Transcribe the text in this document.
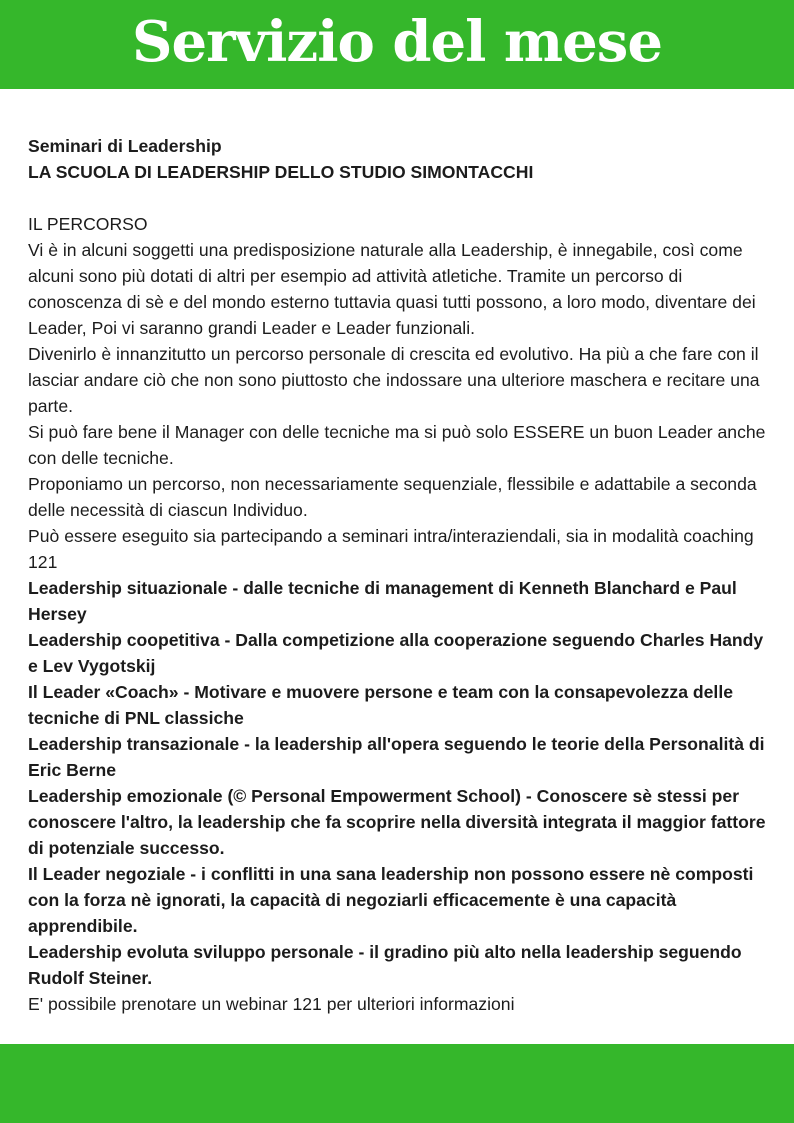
Servizio del mese

Seminari di Leadership

LA SCUOLA DI LEADERSHIP DELLO STUDIO SIMONTACCHI

IL PERCORSO

Vi è in alcuni soggetti una predisposizione naturale alla Leadership, è innegabile, così come alcuni sono più dotati di altri per esempio ad attività atletiche. Tramite un percorso di conoscenza di sè e del mondo esterno tuttavia quasi tutti possono, a loro modo, diventare dei Leader, Poi vi saranno grandi Leader e Leader funzionali.

Divenirlo è innanzitutto un percorso personale di crescita ed evolutivo. Ha più a che fare con il lasciar andare ciò che non sono piuttosto che indossare una ulteriore maschera e recitare una parte.

Si può fare bene il Manager con delle tecniche ma si può solo ESSERE un buon Leader anche con delle tecniche.

Proponiamo un percorso, non necessariamente sequenziale, flessibile e adattabile a seconda delle necessità di ciascun Individuo.

Può essere eseguito sia partecipando a seminari intra/interaziendali, sia in modalità coaching 121

Leadership situazionale - dalle tecniche di management di Kenneth Blanchard e Paul Hersey

Leadership coopetitiva - Dalla competizione alla cooperazione seguendo Charles Handy e Lev Vygotskij

Il Leader «Coach» - Motivare e muovere persone e team con la consapevolezza delle tecniche di PNL classiche

Leadership transazionale - la leadership all'opera seguendo le teorie della Personalità di Eric Berne

Leadership emozionale (© Personal Empowerment School) - Conoscere sè stessi per conoscere l'altro, la leadership che fa scoprire nella diversità integrata il maggior fattore di potenziale successo.

Il Leader negoziale - i conflitti in una sana leadership non possono essere nè composti con la forza nè ignorati, la capacità di negoziarli efficacemente è una capacità apprendibile.

Leadership evoluta sviluppo personale - il gradino più alto nella leadership seguendo Rudolf Steiner.

E' possibile prenotare un webinar 121 per ulteriori informazioni
